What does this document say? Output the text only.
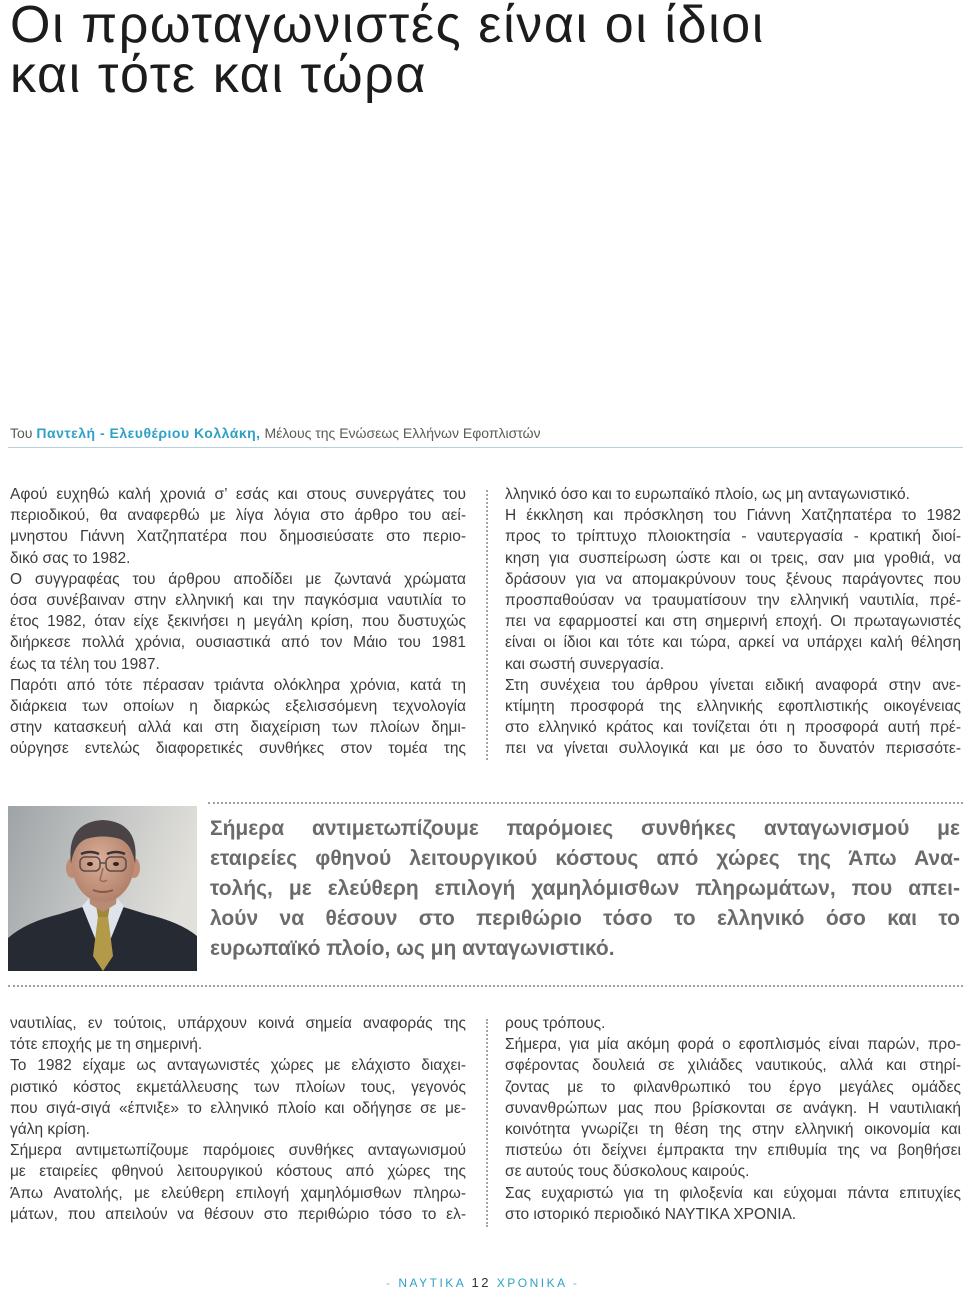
Οι πρωταγωνιστές είναι οι ίδιοι
και τότε και τώρα
Του Παντελή - Ελευθέριου Κολλάκη, Μέλους της Ενώσεως Ελλήνων Εφοπλιστών
Αφού ευχηθώ καλή χρονιά σ’ εσάς και στους συνεργάτες του
περιοδικού, θα αναφερθώ με λίγα λόγια στο άρθρο του αεί-
μνηστου Γιάννη Χατζηπατέρα που δημοσιεύσατε στο περιο-
δικό σας το 1982.
Ο συγγραφέας του άρθρου αποδίδει με ζωντανά χρώματα
όσα συνέβαιναν στην ελληνική και την παγκόσμια ναυτιλία το
έτος 1982, όταν είχε ξεκινήσει η μεγάλη κρίση, που δυστυχώς
διήρκεσε πολλά χρόνια, ουσιαστικά από τον Μάιο του 1981
έως τα τέλη του 1987.
Παρότι από τότε πέρασαν τριάντα ολόκληρα χρόνια, κατά τη
διάρκεια των οποίων η διαρκώς εξελισσόμενη τεχνολογία
στην κατασκευή αλλά και στη διαχείριση των πλοίων δημι-
ούργησε εντελώς διαφορετικές συνθήκες στον τομέα της
λληνικό όσο και το ευρωπαϊκό πλοίο, ως μη ανταγωνιστικό.
Η έκκληση και πρόσκληση του Γιάννη Χατζηπατέρα το 1982
προς το τρίπτυχο πλοιοκτησία - ναυτεργασία - κρατική διοί-
κηση για συσπείρωση ώστε και οι τρεις, σαν μια γροθιά, να
δράσουν για να απομακρύνουν τους ξένους παράγοντες που
προσπαθούσαν να τραυματίσουν την ελληνική ναυτιλία, πρέ-
πει να εφαρμοστεί και στη σημερινή εποχή. Οι πρωταγωνιστές
είναι οι ίδιοι και τότε και τώρα, αρκεί να υπάρχει καλή θέληση
και σωστή συνεργασία.
Στη συνέχεια του άρθρου γίνεται ειδική αναφορά στην ανε-
κτίμητη προσφορά της ελληνικής εφοπλιστικής οικογένειας
στο ελληνικό κράτος και τονίζεται ότι η προσφορά αυτή πρέ-
πει να γίνεται συλλογικά και με όσο το δυνατόν περισσότε-
Σήμερα αντιμετωπίζουμε παρόμοιες συνθήκες ανταγωνισμού με
εταιρείες φθηνού λειτουργικού κόστους από χώρες της Άπω Ανα-
τολής, με ελεύθερη επιλογή χαμηλόμισθων πληρωμάτων, που απει-
λούν να θέσουν στο περιθώριο τόσο το ελληνικό όσο και το
ευρωπαϊκό πλοίο, ως μη ανταγωνιστικό.
ναυτιλίας, εν τούτοις, υπάρχουν κοινά σημεία αναφοράς της
τότε εποχής με τη σημερινή.
Το 1982 είχαμε ως ανταγωνιστές χώρες με ελάχιστο διαχει-
ριστικό κόστος εκμετάλλευσης των πλοίων τους, γεγονός
που σιγά-σιγά «έπνιξε» το ελληνικό πλοίο και οδήγησε σε με-
γάλη κρίση.
Σήμερα αντιμετωπίζουμε παρόμοιες συνθήκες ανταγωνισμού
με εταιρείες φθηνού λειτουργικού κόστους από χώρες της
Άπω Ανατολής, με ελεύθερη επιλογή χαμηλόμισθων πληρω-
μάτων, που απειλούν να θέσουν στο περιθώριο τόσο το ελ-
ρους τρόπους.
Σήμερα, για μία ακόμη φορά ο εφοπλισμός είναι παρών, προ-
σφέροντας δουλειά σε χιλιάδες ναυτικούς, αλλά και στηρί-
ζοντας με το φιλανθρωπικό του έργο μεγάλες ομάδες
συνανθρώπων μας που βρίσκονται σε ανάγκη. Η ναυτιλιακή
κοινότητα γνωρίζει τη θέση της στην ελληνική οικονομία και
πιστεύω ότι δείχνει έμπρακτα την επιθυμία της να βοηθήσει
σε αυτούς τους δύσκολους καιρούς.
Σας ευχαριστώ για τη φιλοξενία και εύχομαι πάντα επιτυχίες
στο ιστορικό περιοδικό ΝΑΥΤΙΚΑ ΧΡΟΝΙΑ.
- ΝΑΥΤΙΚΑ 12 ΧΡΟΝΙΚΑ -
